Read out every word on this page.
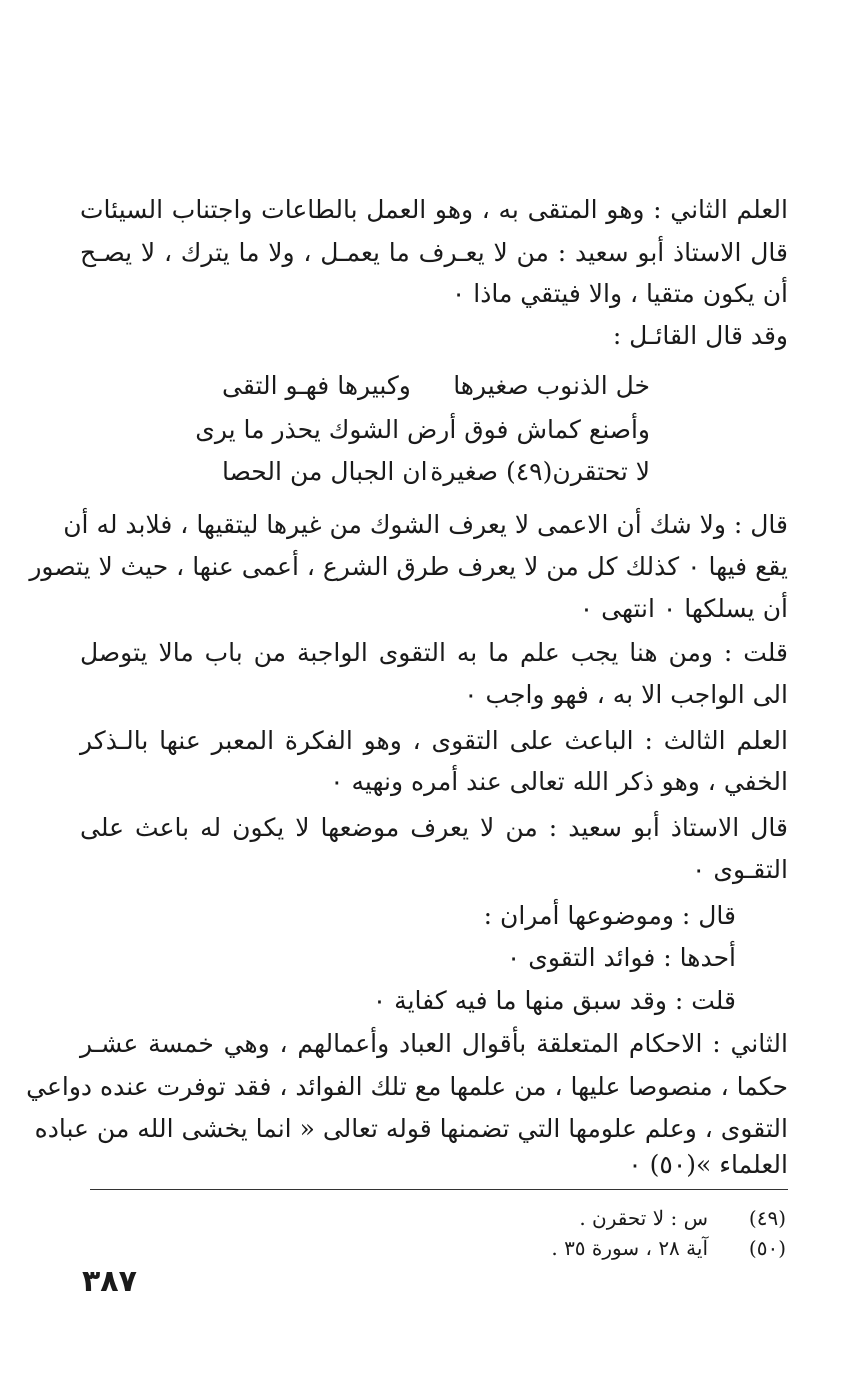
العلم الثاني : وهو المتقى به ، وهو العمل بالطاعات واجتناب السيئات
قال الاستاذ أبو سعيد : من لا يعـرف ما يعمـل ، ولا ما يترك ، لا يصـح
أن يكون متقيا ، والا فيتقي ماذا ٠
وقد قال القائـل :
خل الذنوب صغيرها
وكبيرها فهـو التقى
وأصنع كماش فوق أرض الشوك يحذر ما يرى
لا تحتقرن(٤٩) صغيرة
ان الجبال من الحصا
قال : ولا شك أن الاعمى لا يعرف الشوك من غيرها ليتقيها ، فلابد له أن
يقع فيها ٠ كذلك كل من لا يعرف طرق الشرع ، أعمى عنها ، حيث لا يتصور
أن يسلكها ٠ انتهى ٠
قلت : ومن هنا يجب علم ما به التقوى الواجبة من باب مالا يتوصل
الى الواجب الا به ، فهو واجب ٠
العلم الثالث : الباعث على التقوى ، وهو الفكرة المعبر عنها بالـذكر
الخفي ، وهو ذكر الله تعالى عند أمره ونهيه ٠
قال الاستاذ أبو سعيد : من لا يعرف موضعها لا يكون له باعث على
التقـوى ٠
قال : وموضوعها أمران :
أحدها : فوائد التقوى ٠
قلت : وقد سبق منها ما فيه كفاية ٠
الثاني : الاحكام المتعلقة بأقوال العباد وأعمالهم ، وهي خمسة عشـر
حكما ، منصوصا عليها ، من علمها مع تلك الفوائد ، فقد توفرت عنده دواعي
التقوى ، وعلم علومها التي تضمنها قوله تعالى « انما يخشى الله من عباده
العلماء »(٥٠) ٠
(٤٩)
س : لا تحقرن .
(٥٠)
آية ٢٨ ، سورة ٣٥ .
٣٨٧
